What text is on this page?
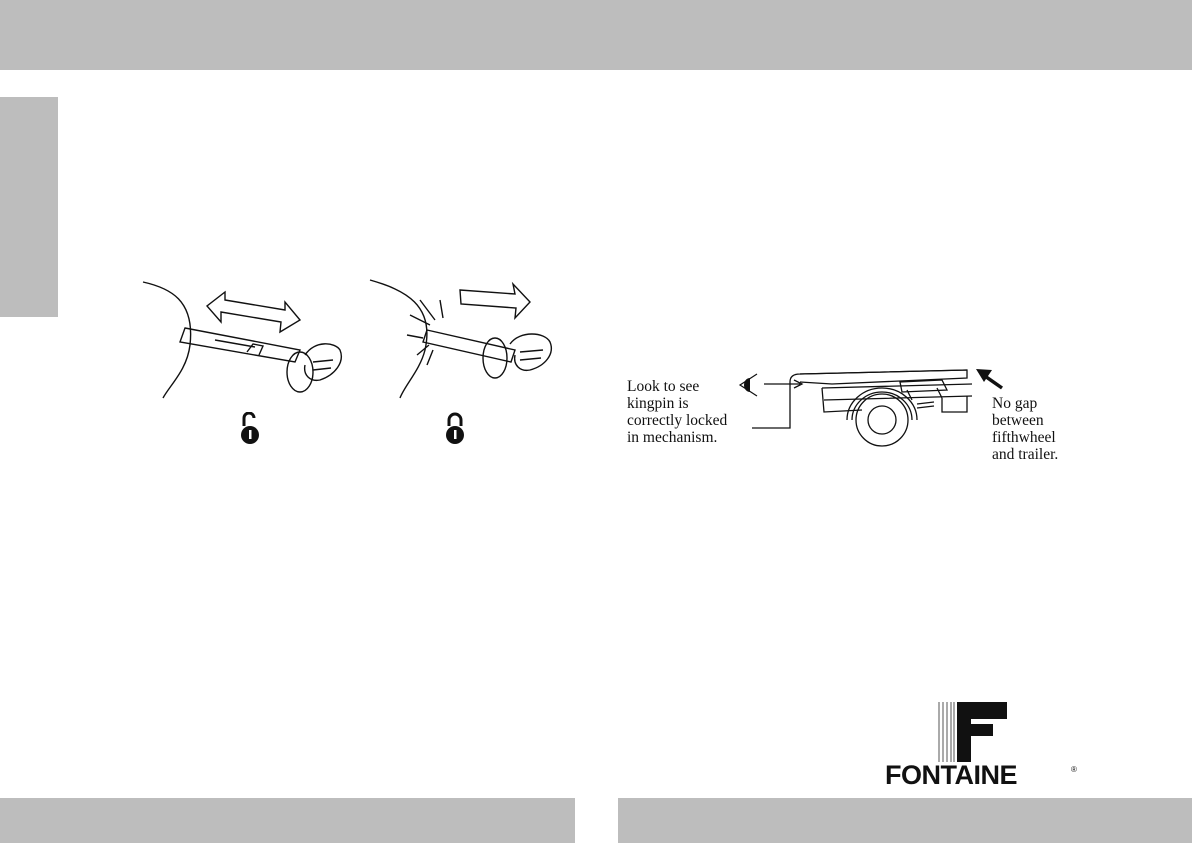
Look to see
kingpin is
correctly locked
in mechanism.
No gap
between
fifthwheel
and trailer.
FONTAINE	®
